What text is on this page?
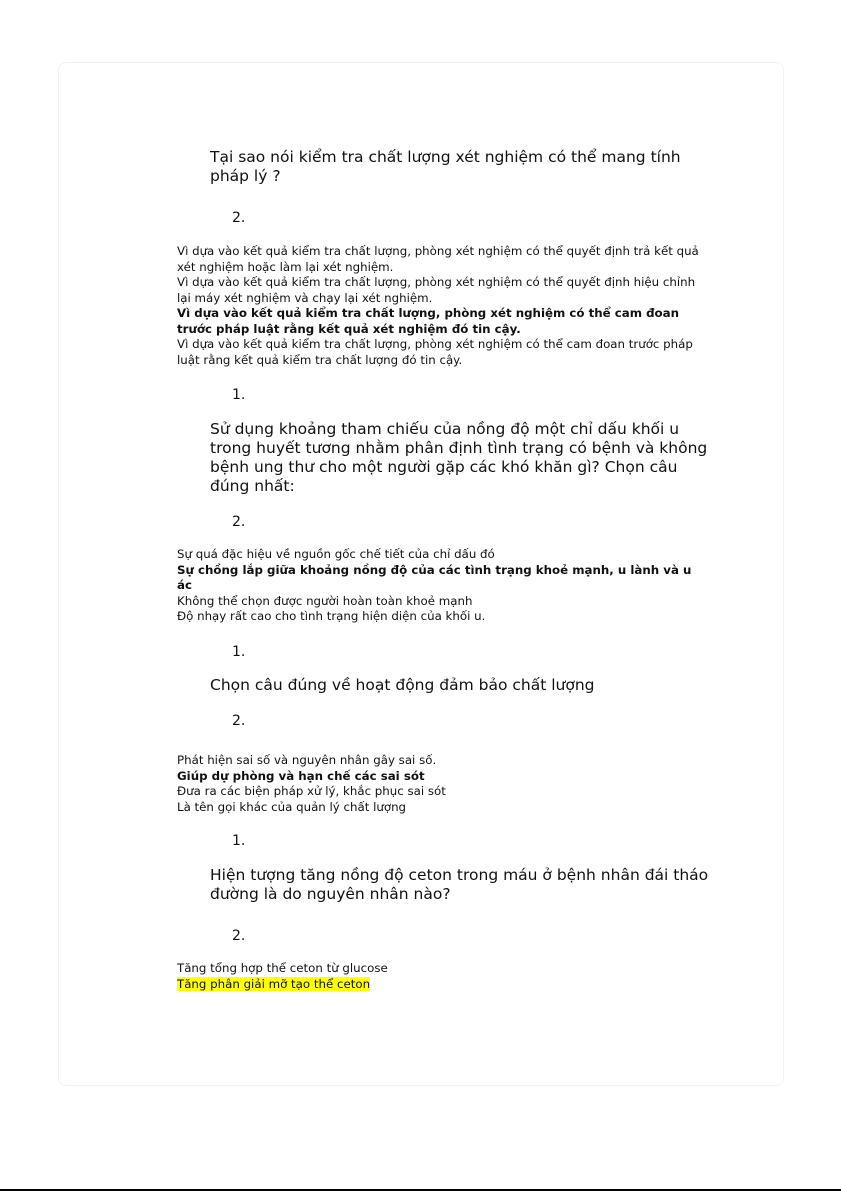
Tại sao nói kiểm tra chất lượng xét nghiệm có thể mang tính pháp lý ?
2.
Vì dựa vào kết quả kiểm tra chất lượng, phòng xét nghiệm có thể quyết định trả kết quả xét nghiệm hoặc làm lại xét nghiệm.
Vì dựa vào kết quả kiểm tra chất lượng, phòng xét nghiệm có thể quyết định hiệu chỉnh lại máy xét nghiệm và chạy lại xét nghiệm.
Vì dựa vào kết quả kiểm tra chất lượng, phòng xét nghiệm có thể cam đoan trước pháp luật rằng kết quả xét nghiệm đó tin cậy.
Vì dựa vào kết quả kiểm tra chất lượng, phòng xét nghiệm có thể cam đoan trước pháp luật rằng kết quả kiểm tra chất lượng đó tin cậy.
1.
Sử dụng khoảng tham chiếu của nồng độ một chỉ dấu khối u trong huyết tương nhằm phân định tình trạng có bệnh và không bệnh ung thư cho một người gặp các khó khăn gì? Chọn câu đúng nhất:
2.
Sự quá đặc hiệu về nguồn gốc chế tiết của chỉ dấu đó
Sự chồng lắp giữa khoảng nồng độ của các tình trạng khoẻ mạnh, u lành và u ác
Không thể chọn được người hoàn toàn khoẻ mạnh
Độ nhạy rất cao cho tình trạng hiện diện của khối u.
1.
Chọn câu đúng về hoạt động đảm bảo chất lượng
2.
Phát hiện sai số và nguyên nhân gây sai số.
Giúp dự phòng và hạn chế các sai sót
Đưa ra các biện pháp xử lý, khắc phục sai sót
Là tên gọi khác của quản lý chất lượng
1.
Hiện tượng tăng nồng độ ceton trong máu ở bệnh nhân đái tháo đường là do nguyên nhân nào?
2.
Tăng tổng hợp thể ceton từ glucose
Tăng phân giải mỡ tạo thể ceton
